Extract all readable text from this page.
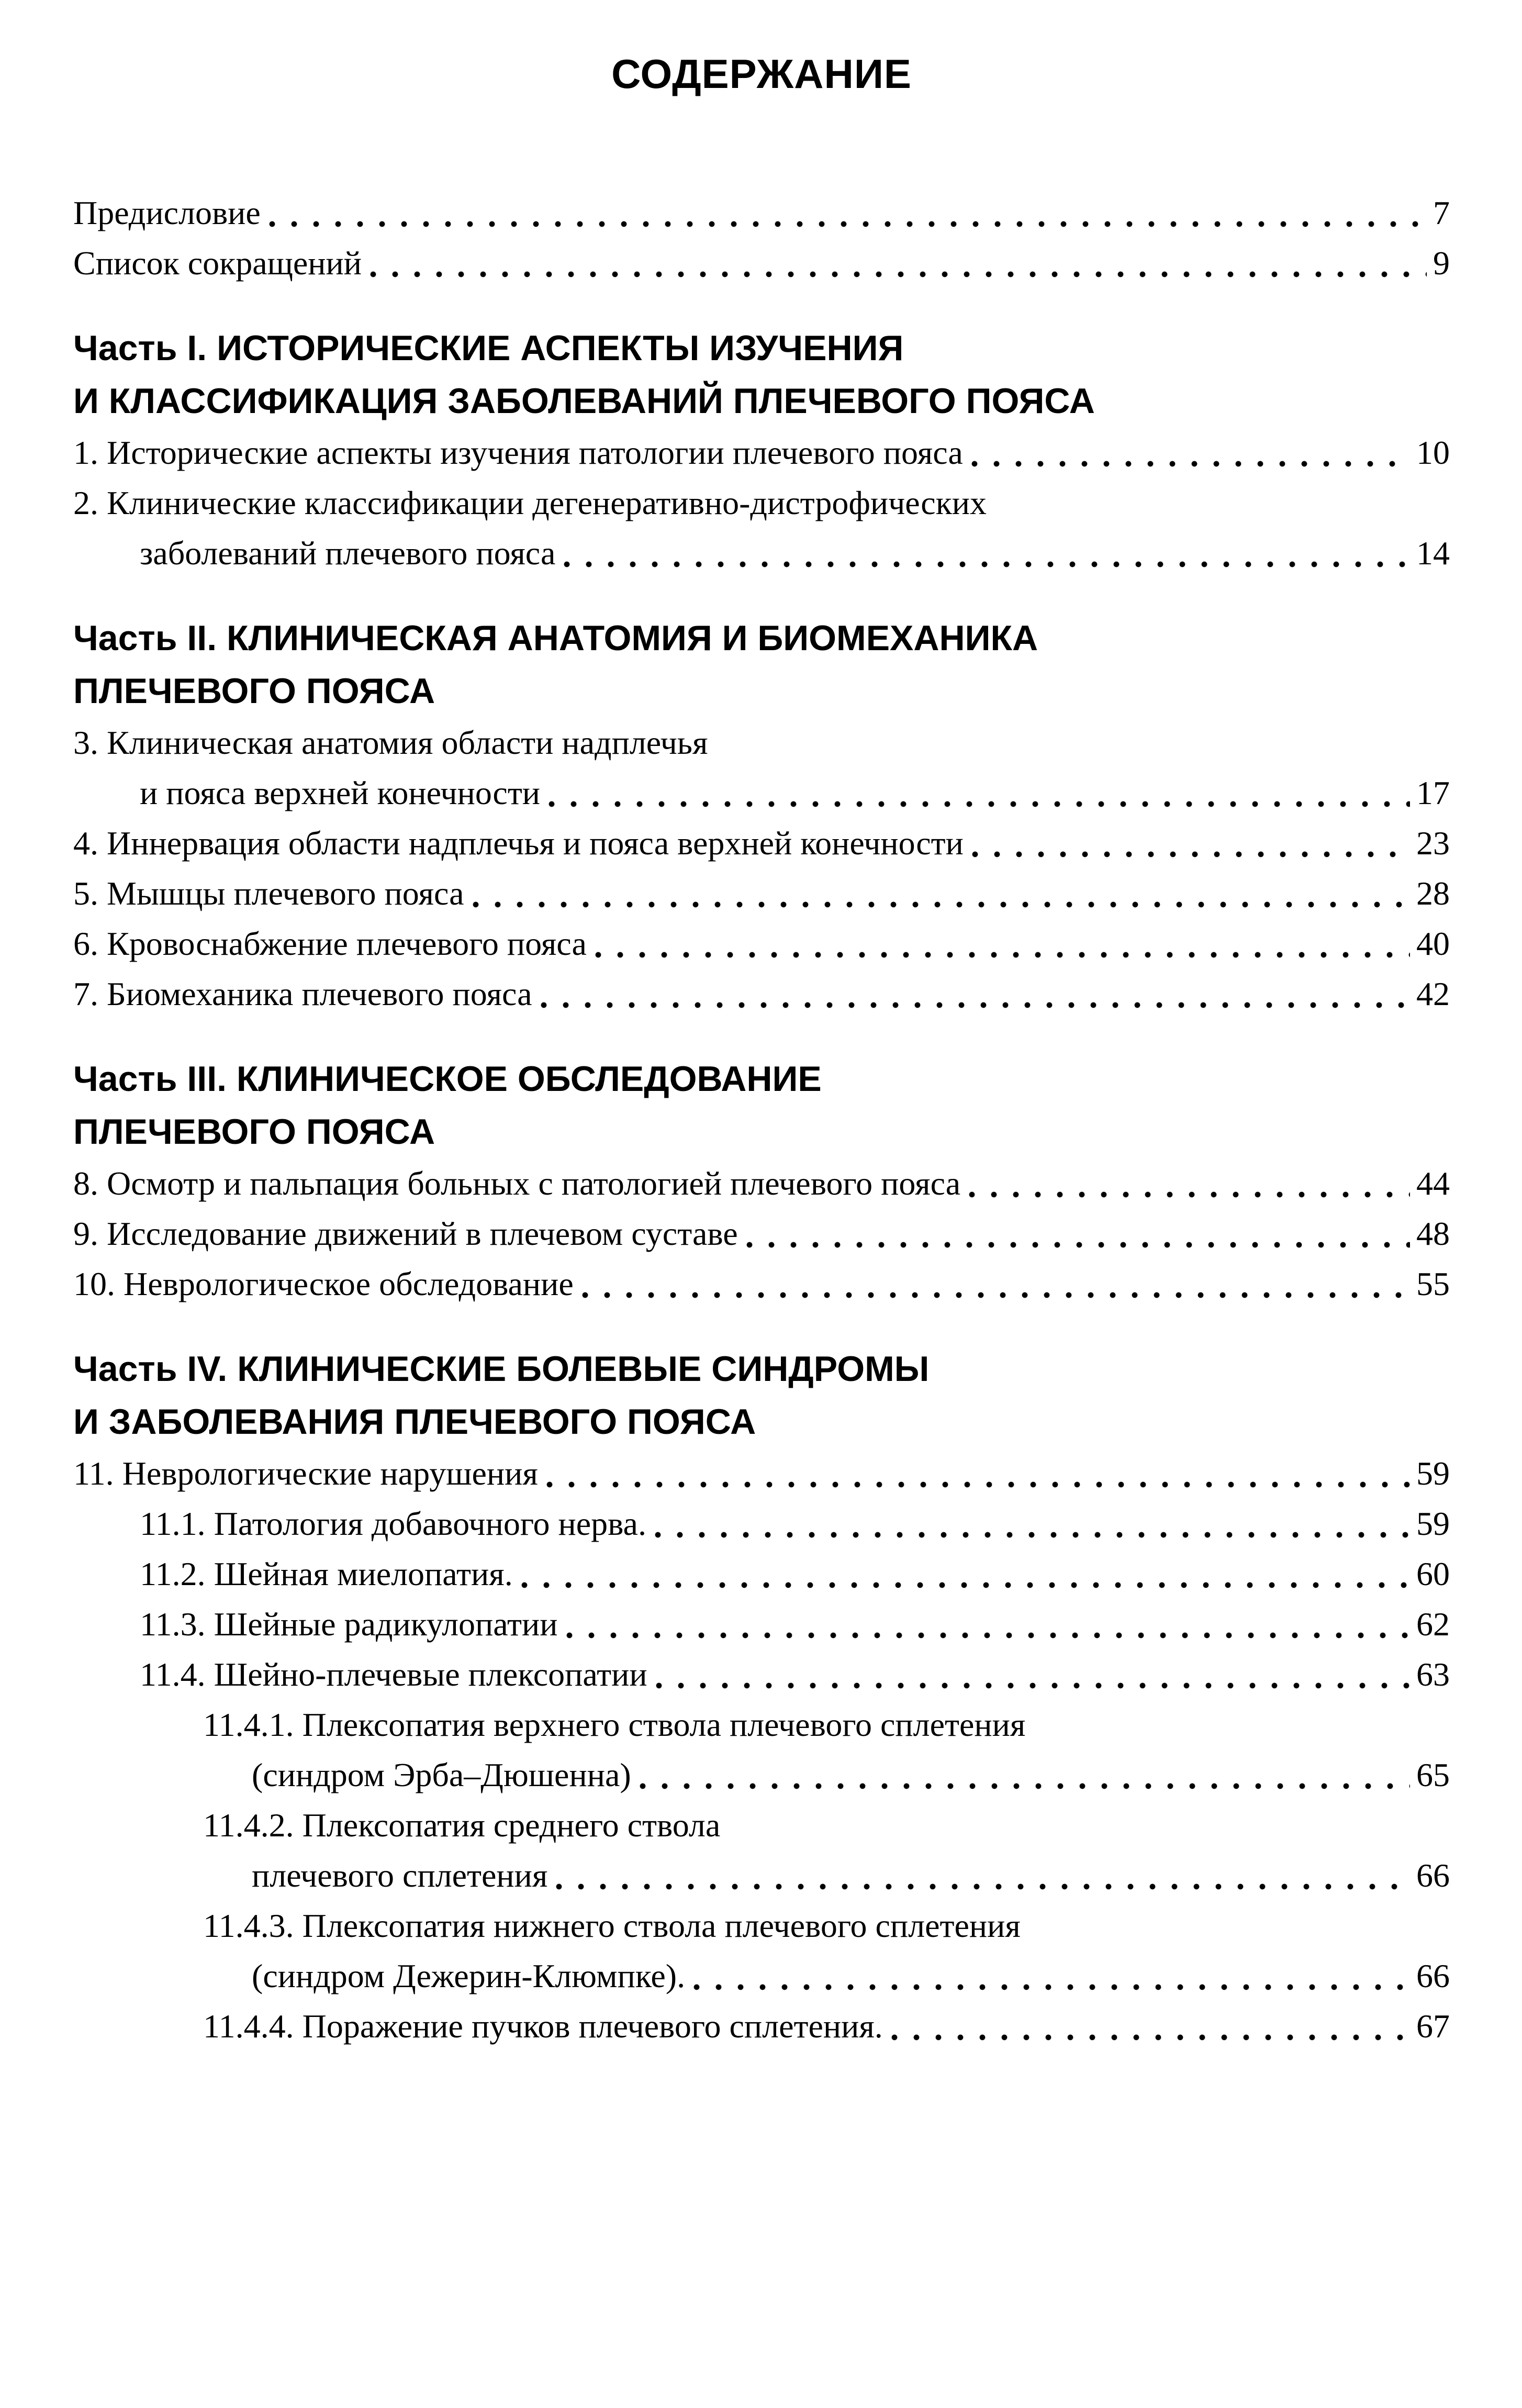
СОДЕРЖАНИЕ
Предисловие	7
Список сокращений	9
Часть I. ИСТОРИЧЕСКИЕ АСПЕКТЫ ИЗУЧЕНИЯ
И КЛАССИФИКАЦИЯ ЗАБОЛЕВАНИЙ ПЛЕЧЕВОГО ПОЯСА
1. Исторические аспекты изучения патологии плечевого пояса	10
2. Клинические классификации дегенеративно-дистрофических
заболеваний плечевого пояса	14
Часть II. КЛИНИЧЕСКАЯ АНАТОМИЯ И БИОМЕХАНИКА
ПЛЕЧЕВОГО ПОЯСА
3. Клиническая анатомия области надплечья
и пояса верхней конечности	17
4. Иннервация области надплечья и пояса верхней конечности	23
5. Мышцы плечевого пояса	28
6. Кровоснабжение плечевого пояса	40
7. Биомеханика плечевого пояса	42
Часть III. КЛИНИЧЕСКОЕ ОБСЛЕДОВАНИЕ
ПЛЕЧЕВОГО ПОЯСА
8. Осмотр и пальпация больных с патологией плечевого пояса	44
9. Исследование движений в плечевом суставе	48
10. Неврологическое обследование	55
Часть IV. КЛИНИЧЕСКИЕ БОЛЕВЫЕ СИНДРОМЫ
И ЗАБОЛЕВАНИЯ ПЛЕЧЕВОГО ПОЯСА
11. Неврологические нарушения	59
11.1. Патология добавочного нерва.	59
11.2. Шейная миелопатия.	60
11.3. Шейные радикулопатии	62
11.4. Шейно-плечевые плексопатии	63
11.4.1. Плексопатия верхнего ствола плечевого сплетения
(синдром Эрба–Дюшенна)	65
11.4.2. Плексопатия среднего ствола
плечевого сплетения	66
11.4.3. Плексопатия нижнего ствола плечевого сплетения
(синдром Дежерин-Клюмпке).	66
11.4.4. Поражение пучков плечевого сплетения.	67
